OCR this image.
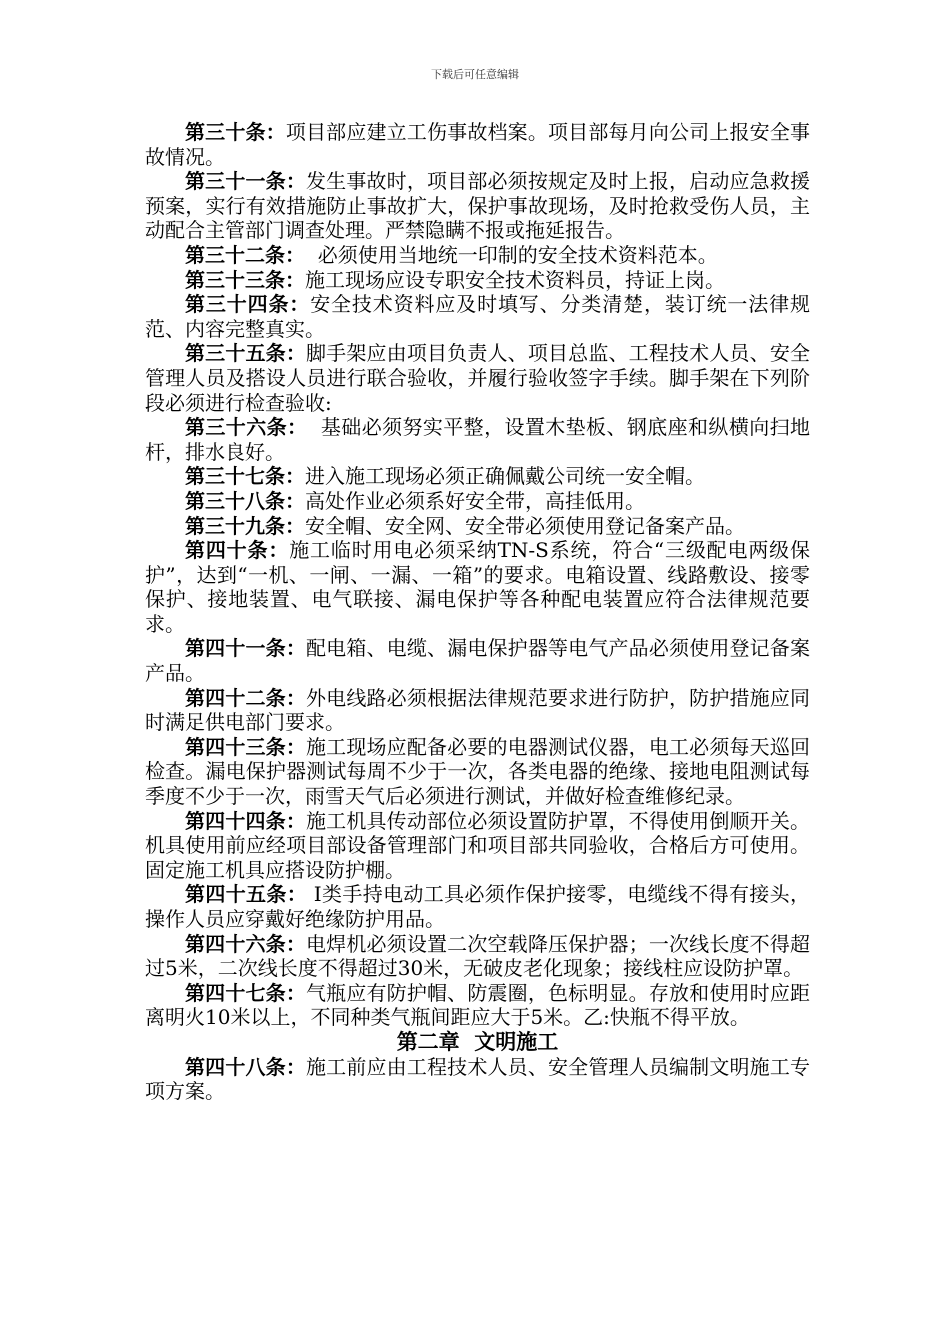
下载后可任意编辑

第三十条：项目部应建立工伤事故档案。项目部每月向公司上报安全事故情况。

第三十一条：发生事故时，项目部必须按规定及时上报，启动应急救援预案，实行有效措施防止事故扩大，保护事故现场，及时抢救受伤人员，主动配合主管部门调查处理。严禁隐瞒不报或拖延报告。

第三十二条：  必须使用当地统一印制的安全技术资料范本。

第三十三条：施工现场应设专职安全技术资料员，持证上岗。

第三十四条：安全技术资料应及时填写、分类清楚，装订统一法律规范、内容完整真实。

第三十五条：脚手架应由项目负责人、项目总监、工程技术人员、安全管理人员及搭设人员进行联合验收，并履行验收签字手续。脚手架在下列阶段必须进行检查验收:

第三十六条：  基础必须努实平整，设置木垫板、钢底座和纵横向扫地杆，排水良好。

第三十七条：进入施工现场必须正确佩戴公司统一安全帽。

第三十八条：高处作业必须系好安全带，高挂低用。

第三十九条：安全帽、安全网、安全带必须使用登记备案产品。

第四十条：施工临时用电必须采纳TN-S系统，符合“三级配电两级保护”，达到“一机、一闸、一漏、一箱”的要求。电箱设置、线路敷设、接零保护、接地装置、电气联接、漏电保护等各种配电装置应符合法律规范要求。

第四十一条：配电箱、电缆、漏电保护器等电气产品必须使用登记备案产品。

第四十二条：外电线路必须根据法律规范要求进行防护，防护措施应同时满足供电部门要求。

第四十三条：施工现场应配备必要的电器测试仪器，电工必须每天巡回检查。漏电保护器测试每周不少于一次，各类电器的绝缘、接地电阻测试每季度不少于一次，雨雪天气后必须进行测试，并做好检查维修纪录。

第四十四条：施工机具传动部位必须设置防护罩，不得使用倒顺开关。机具使用前应经项目部设备管理部门和项目部共同验收，合格后方可使用。固定施工机具应搭设防护棚。

第四十五条： I类手持电动工具必须作保护接零，电缆线不得有接头，操作人员应穿戴好绝缘防护用品。

第四十六条：电焊机必须设置二次空载降压保护器；一次线长度不得超过5米，二次线长度不得超过30米，无破皮老化现象；接线柱应设防护罩。

第四十七条：气瓶应有防护帽、防震圈，色标明显。存放和使用时应距离明火10米以上，不同种类气瓶间距应大于5米。乙:快瓶不得平放。

第二章  文明施工

第四十八条：施工前应由工程技术人员、安全管理人员编制文明施工专项方案。
